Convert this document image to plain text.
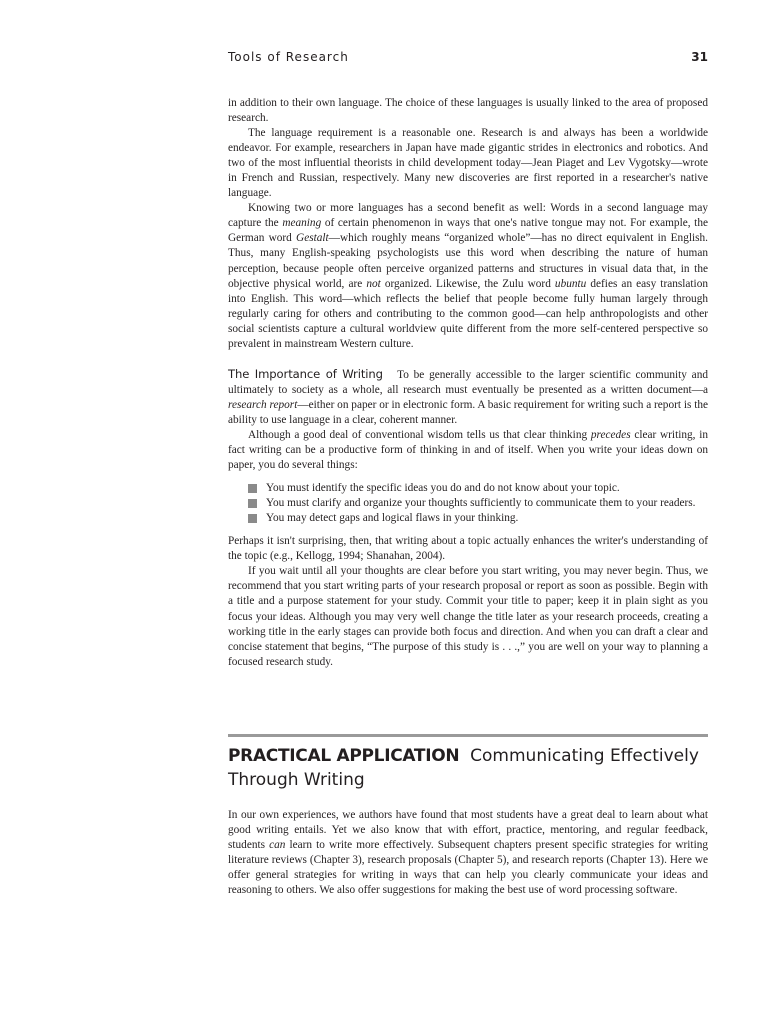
Tools of Research	31

in addition to their own language. The choice of these languages is usually linked to the area of proposed research.

The language requirement is a reasonable one. Research is and always has been a worldwide endeavor. For example, researchers in Japan have made gigantic strides in electronics and robotics. And two of the most influential theorists in child development today—Jean Piaget and Lev Vygotsky—wrote in French and Russian, respectively. Many new discoveries are first reported in a researcher's native language.

Knowing two or more languages has a second benefit as well: Words in a second language may capture the meaning of certain phenomenon in ways that one's native tongue may not. For example, the German word Gestalt—which roughly means “organized whole”—has no direct equivalent in English. Thus, many English-speaking psychologists use this word when describing the nature of human perception, because people often perceive organized patterns and structures in visual data that, in the objective physical world, are not organized. Likewise, the Zulu word ubuntu defies an easy translation into English. This word—which reflects the belief that people become fully human largely through regularly caring for others and contributing to the common good—can help anthropologists and other social scientists capture a cultural worldview quite different from the more self-centered perspective so prevalent in mainstream Western culture.

The Importance of Writing To be generally accessible to the larger scientific community and ultimately to society as a whole, all research must eventually be presented as a written document—a research report—either on paper or in electronic form. A basic requirement for writing such a report is the ability to use language in a clear, coherent manner.

Although a good deal of conventional wisdom tells us that clear thinking precedes clear writing, in fact writing can be a productive form of thinking in and of itself. When you write your ideas down on paper, you do several things:

You must identify the specific ideas you do and do not know about your topic.
You must clarify and organize your thoughts sufficiently to communicate them to your readers.
You may detect gaps and logical flaws in your thinking.

Perhaps it isn't surprising, then, that writing about a topic actually enhances the writer's understanding of the topic (e.g., Kellogg, 1994; Shanahan, 2004).

If you wait until all your thoughts are clear before you start writing, you may never begin. Thus, we recommend that you start writing parts of your research proposal or report as soon as possible. Begin with a title and a purpose statement for your study. Commit your title to paper; keep it in plain sight as you focus your ideas. Although you may very well change the title later as your research proceeds, creating a working title in the early stages can provide both focus and direction. And when you can draft a clear and concise statement that begins, “The purpose of this study is . . .,” you are well on your way to planning a focused research study.

PRACTICAL APPLICATION Communicating Effectively Through Writing

In our own experiences, we authors have found that most students have a great deal to learn about what good writing entails. Yet we also know that with effort, practice, mentoring, and regular feedback, students can learn to write more effectively. Subsequent chapters present specific strategies for writing literature reviews (Chapter 3), research proposals (Chapter 5), and research reports (Chapter 13). Here we offer general strategies for writing in ways that can help you clearly communicate your ideas and reasoning to others. We also offer suggestions for making the best use of word processing software.
